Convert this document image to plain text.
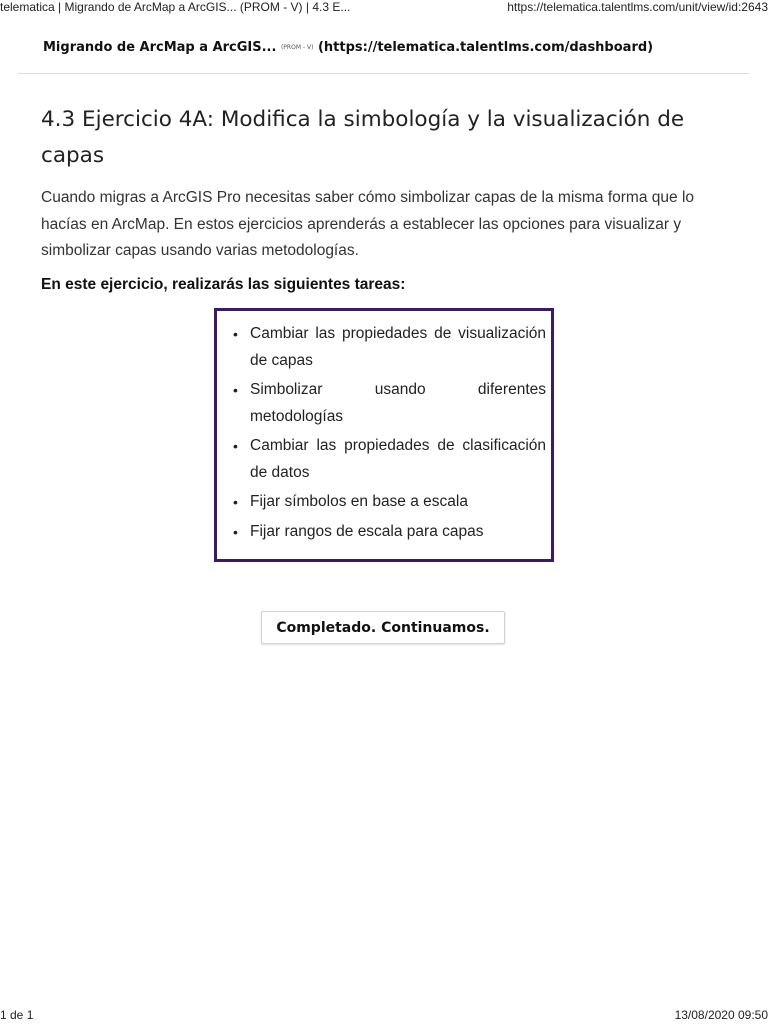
telematica | Migrando de ArcMap a ArcGIS... (PROM - V) | 4.3 E...	https://telematica.talentlms.com/unit/view/id:2643
Migrando de ArcMap a ArcGIS... (PROM - V) (https://telematica.talentlms.com/dashboard)
4.3 Ejercicio 4A: Modifica la simbología y la visualización de capas

Cuando migras a ArcGIS Pro necesitas saber cómo simbolizar capas de la misma forma que lo hacías en ArcMap. En estos ejercicios aprenderás a establecer las opciones para visualizar y simbolizar capas usando varias metodologías.

En este ejercicio, realizarás las siguientes tareas:

• Cambiar las propiedades de visualización de capas
• Simbolizar usando diferentes metodologías
• Cambiar las propiedades de clasificación de datos
• Fijar símbolos en base a escala
• Fijar rangos de escala para capas
Completado. Continuamos.
1 de 1	13/08/2020 09:50
